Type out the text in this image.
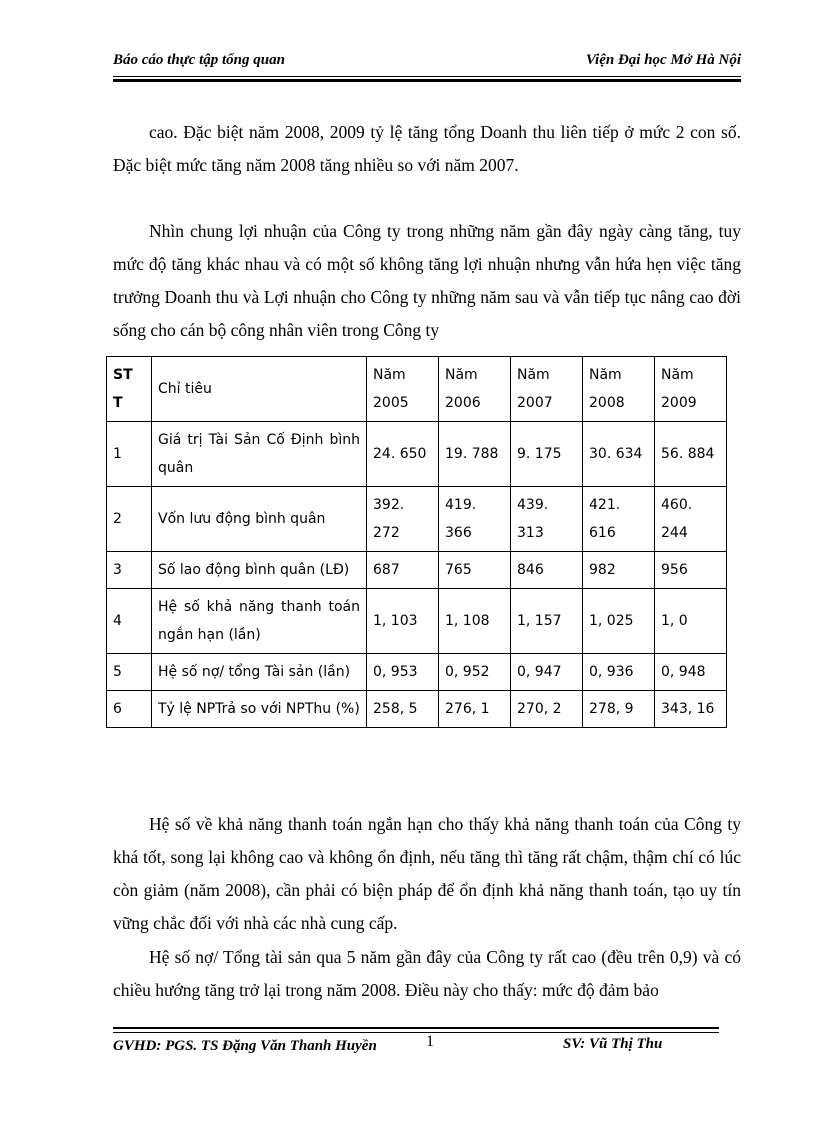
Báo cáo thực tập tổng quan	Viện Đại học Mở Hà Nội

cao. Đặc biệt năm 2008, 2009 tỷ lệ tăng tổng Doanh thu liên tiếp ở mức 2 con số. Đặc biệt mức tăng năm 2008 tăng nhiều so với năm 2007.

Nhìn chung lợi nhuận của Công ty trong những năm gần đây ngày càng tăng, tuy mức độ tăng khác nhau và có một số không tăng lợi nhuận nhưng vẫn hứa hẹn việc tăng trưởng Doanh thu và Lợi nhuận cho Công ty những năm sau và vẫn tiếp tục nâng cao đời sống cho cán bộ công nhân viên trong Công ty

ST T	Chỉ tiêu	Năm 2005	Năm 2006	Năm 2007	Năm 2008	Năm 2009
1	Giá trị Tài Sản Cố Định bình quân	24. 650	19. 788	9. 175	30. 634	56. 884
2	Vốn lưu động bình quân	392. 272	419. 366	439. 313	421. 616	460. 244
3	Số lao động bình quân (LĐ)	687	765	846	982	956
4	Hệ số khả năng thanh toán ngắn hạn (lần)	1, 103	1, 108	1, 157	1, 025	1, 0
5	Hệ số nợ/ tổng Tài sản (lần)	0, 953	0, 952	0, 947	0, 936	0, 948
6	Tỷ lệ NPTrả so với NPThu (%)	258, 5	276, 1	270, 2	278, 9	343, 16

Hệ số về khả năng thanh toán ngắn hạn cho thấy khả năng thanh toán của Công ty khá tốt, song lại không cao và không ổn định, nếu tăng thì tăng rất chậm, thậm chí có lúc còn giảm (năm 2008), cần phải có biện pháp để ổn định khả năng thanh toán, tạo uy tín vững chắc đối với nhà các nhà cung cấp.

Hệ số nợ/ Tổng tài sản qua 5 năm gần đây của Công ty rất cao (đều trên 0,9) và có chiều hướng tăng trở lại trong năm 2008. Điều này cho thấy: mức độ đảm bảo

GVHD: PGS. TS Đặng Văn Thanh Huyền	1	SV: Vũ Thị Thu
